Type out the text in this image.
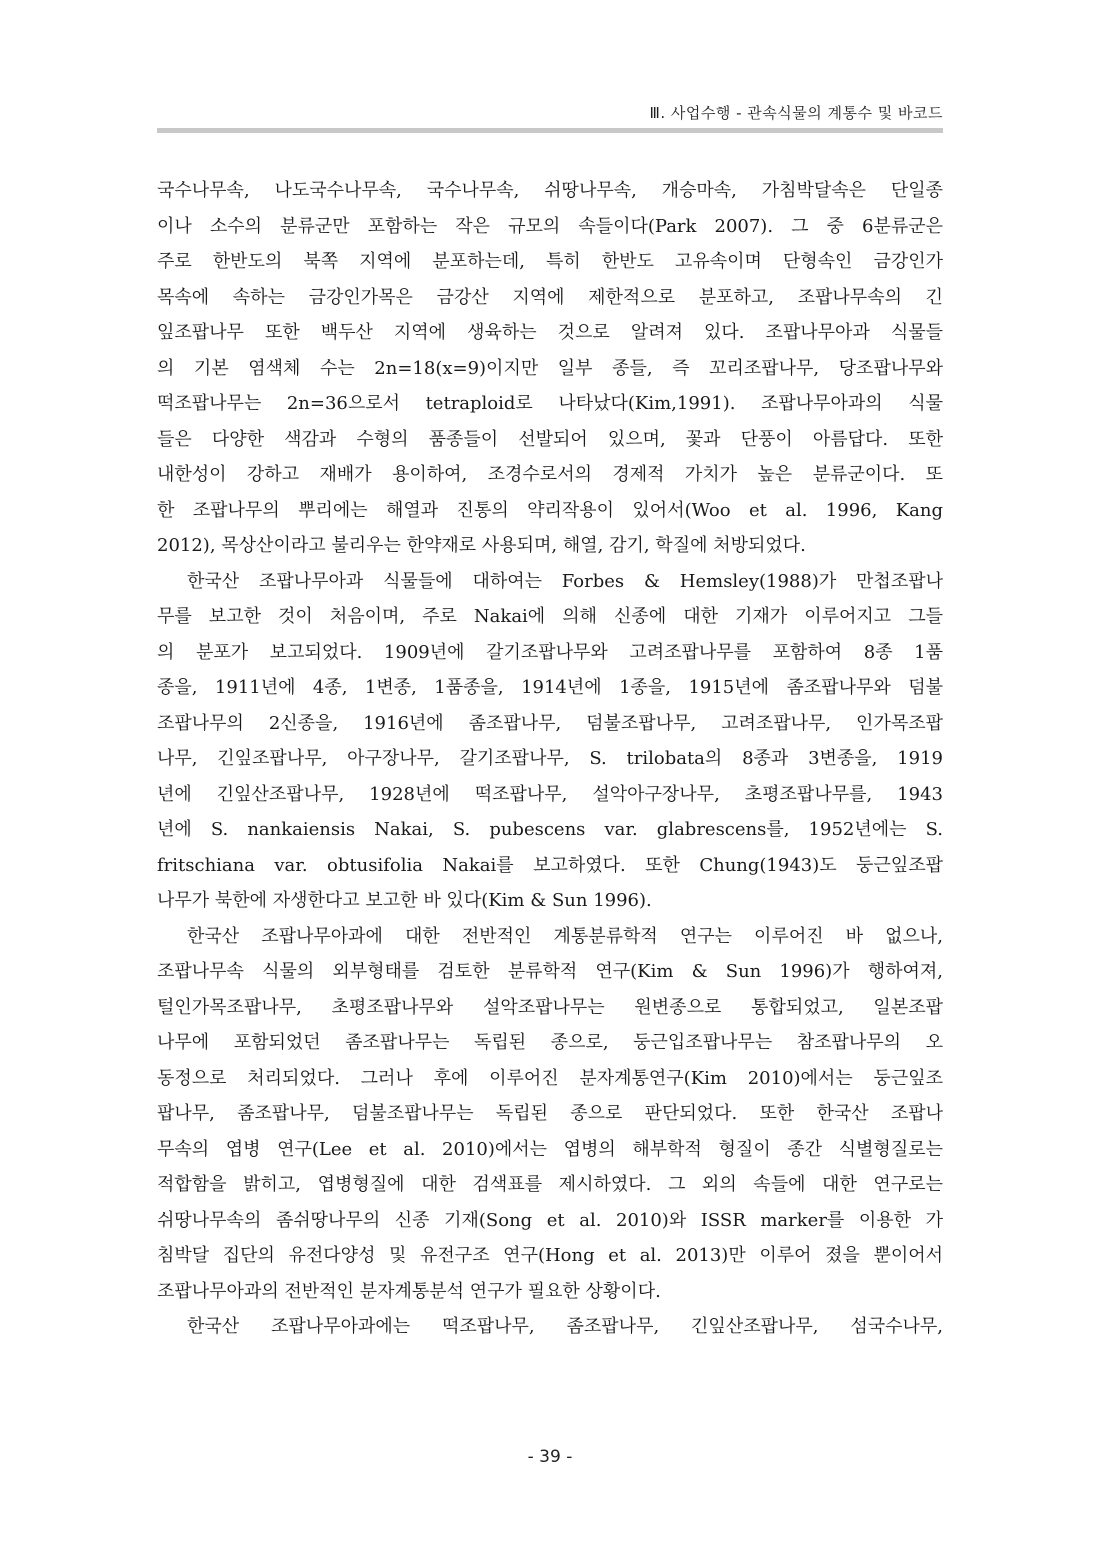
Ⅲ. 사업수행 - 관속식물의 계통수 및 바코드
국수나무속, 나도국수나무속, 국수나무속, 쉬땅나무속, 개승마속, 가침박달속은 단일종
이나 소수의 분류군만 포함하는 작은 규모의 속들이다(Park 2007). 그 중 6분류군은
주로 한반도의 북쪽 지역에 분포하는데, 특히 한반도 고유속이며 단형속인 금강인가
목속에 속하는 금강인가목은 금강산 지역에 제한적으로 분포하고, 조팝나무속의 긴
잎조팝나무 또한 백두산 지역에 생육하는 것으로 알려져 있다. 조팝나무아과 식물들
의 기본 염색체 수는 2n=18(x=9)이지만 일부 종들, 즉 꼬리조팝나무, 당조팝나무와
떡조팝나무는 2n=36으로서 tetraploid로 나타났다(Kim,1991). 조팝나무아과의 식물
들은 다양한 색감과 수형의 품종들이 선발되어 있으며, 꽃과 단풍이 아름답다. 또한
내한성이 강하고 재배가 용이하여, 조경수로서의 경제적 가치가 높은 분류군이다. 또
한 조팝나무의 뿌리에는 해열과 진통의 약리작용이 있어서(Woo et al. 1996, Kang
2012), 목상산이라고 불리우는 한약재로 사용되며, 해열, 감기, 학질에 처방되었다.
한국산 조팝나무아과 식물들에 대하여는 Forbes & Hemsley(1988)가 만첩조팝나
무를 보고한 것이 처음이며, 주로 Nakai에 의해 신종에 대한 기재가 이루어지고 그들
의 분포가 보고되었다. 1909년에 갈기조팝나무와 고려조팝나무를 포함하여 8종 1품
종을, 1911년에 4종, 1변종, 1품종을, 1914년에 1종을, 1915년에 좀조팝나무와 덤불
조팝나무의 2신종을, 1916년에 좀조팝나무, 덤불조팝나무, 고려조팝나무, 인가목조팝
나무, 긴잎조팝나무, 아구장나무, 갈기조팝나무, S. trilobata의 8종과 3변종을, 1919
년에 긴잎산조팝나무, 1928년에 떡조팝나무, 설악아구장나무, 초평조팝나무를, 1943
년에 S. nankaiensis Nakai, S. pubescens var. glabrescens를, 1952년에는 S.
fritschiana var. obtusifolia Nakai를 보고하였다. 또한 Chung(1943)도 둥근잎조팝
나무가 북한에 자생한다고 보고한 바 있다(Kim & Sun 1996).
한국산 조팝나무아과에 대한 전반적인 계통분류학적 연구는 이루어진 바 없으나,
조팝나무속 식물의 외부형태를 검토한 분류학적 연구(Kim & Sun 1996)가 행하여져,
털인가목조팝나무, 초평조팝나무와 설악조팝나무는 원변종으로 통합되었고, 일본조팝
나무에 포함되었던 좀조팝나무는 독립된 종으로, 둥근입조팝나무는 참조팝나무의 오
동정으로 처리되었다. 그러나 후에 이루어진 분자계통연구(Kim 2010)에서는 둥근잎조
팝나무, 좀조팝나무, 덤불조팝나무는 독립된 종으로 판단되었다. 또한 한국산 조팝나
무속의 엽병 연구(Lee et al. 2010)에서는 엽병의 해부학적 형질이 종간 식별형질로는
적합함을 밝히고, 엽병형질에 대한 검색표를 제시하였다. 그 외의 속들에 대한 연구로는
쉬땅나무속의 좀쉬땅나무의 신종 기재(Song et al. 2010)와 ISSR marker를 이용한 가
침박달 집단의 유전다양성 및 유전구조 연구(Hong et al. 2013)만 이루어 졌을 뿐이어서
조팝나무아과의 전반적인 분자계통분석 연구가 필요한 상황이다.
한국산 조팝나무아과에는 떡조팝나무, 좀조팝나무, 긴잎산조팝나무, 섬국수나무,
- 39 -
